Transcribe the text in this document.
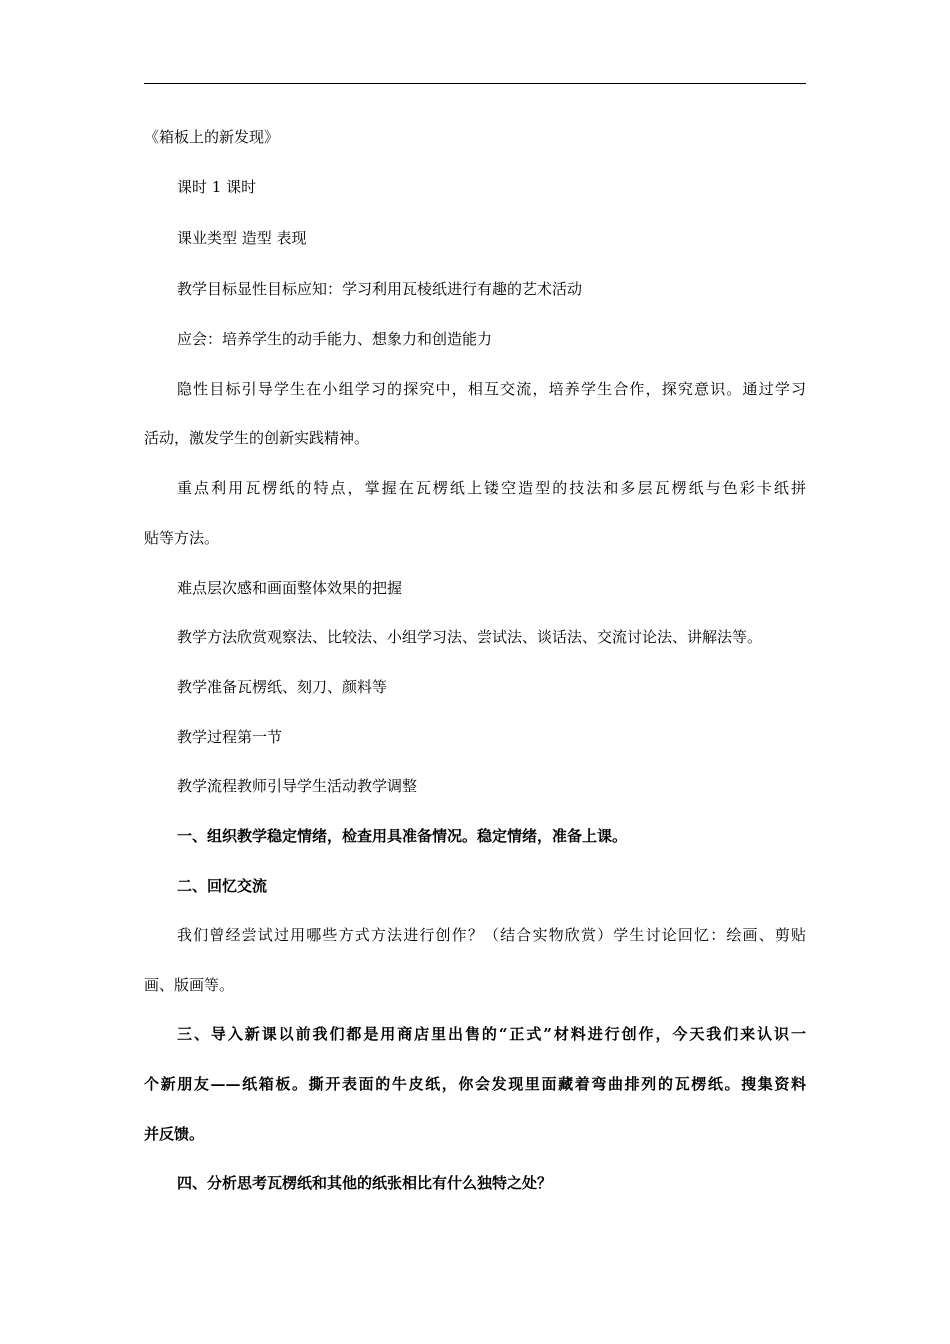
《箱板上的新发现》
课时 1 课时
课业类型 造型 表现
教学目标显性目标应知：学习利用瓦棱纸进行有趣的艺术活动
应会：培养学生的动手能力、想象力和创造能力
隐性目标引导学生在小组学习的探究中，相互交流，培养学生合作，探究意识。通过学习
活动，激发学生的创新实践精神。
重点利用瓦楞纸的特点，掌握在瓦楞纸上镂空造型的技法和多层瓦楞纸与色彩卡纸拼
贴等方法。
难点层次感和画面整体效果的把握
教学方法欣赏观察法、比较法、小组学习法、尝试法、谈话法、交流讨论法、讲解法等。
教学准备瓦楞纸、刻刀、颜料等
教学过程第一节
教学流程教师引导学生活动教学调整
一、组织教学稳定情绪，检查用具准备情况。稳定情绪，准备上课。
二、回忆交流
我们曾经尝试过用哪些方式方法进行创作？（结合实物欣赏）学生讨论回忆：绘画、剪贴
画、版画等。
三、导入新课以前我们都是用商店里出售的“正式”材料进行创作，今天我们来认识一
个新朋友——纸箱板。撕开表面的牛皮纸，你会发现里面藏着弯曲排列的瓦楞纸。搜集资料
并反馈。
四、分析思考瓦楞纸和其他的纸张相比有什么独特之处？
